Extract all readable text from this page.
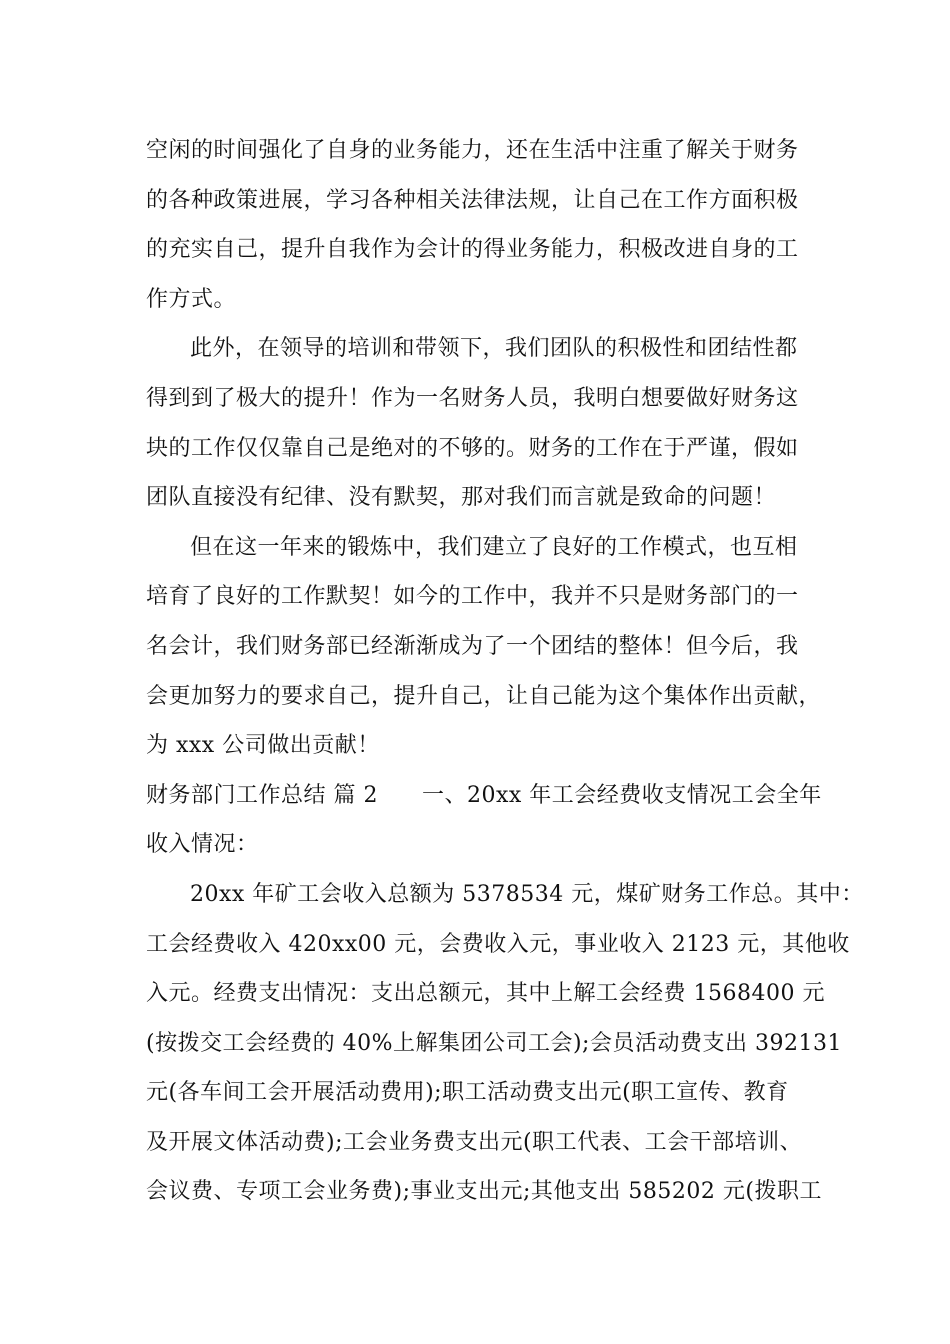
空闲的时间强化了自身的业务能力，还在生活中注重了解关于财务
的各种政策进展，学习各种相关法律法规，让自己在工作方面积极
的充实自己，提升自我作为会计的得业务能力，积极改进自身的工
作方式。
此外，在领导的培训和带领下，我们团队的积极性和团结性都
得到到了极大的提升！作为一名财务人员，我明白想要做好财务这
块的工作仅仅靠自己是绝对的不够的。财务的工作在于严谨，假如
团队直接没有纪律、没有默契，那对我们而言就是致命的问题！
但在这一年来的锻炼中，我们建立了良好的工作模式，也互相
培育了良好的工作默契！如今的工作中，我并不只是财务部门的一
名会计，我们财务部已经渐渐成为了一个团结的整体！但今后，我
会更加努力的要求自己，提升自己，让自己能为这个集体作出贡献，
为 xxx 公司做出贡献！
财务部门工作总结 篇 2 一、20xx 年工会经费收支情况工会全年
收入情况：
20xx 年矿工会收入总额为 5378534 元，煤矿财务工作总。其中：
工会经费收入 420xx00 元，会费收入元，事业收入 2123 元，其他收
入元。经费支出情况：支出总额元，其中上解工会经费 1568400 元
(按拨交工会经费的 40%上解集团公司工会);会员活动费支出 392131
元(各车间工会开展活动费用);职工活动费支出元(职工宣传、教育
及开展文体活动费);工会业务费支出元(职工代表、工会干部培训、
会议费、专项工会业务费);事业支出元;其他支出 585202 元(拨职工
